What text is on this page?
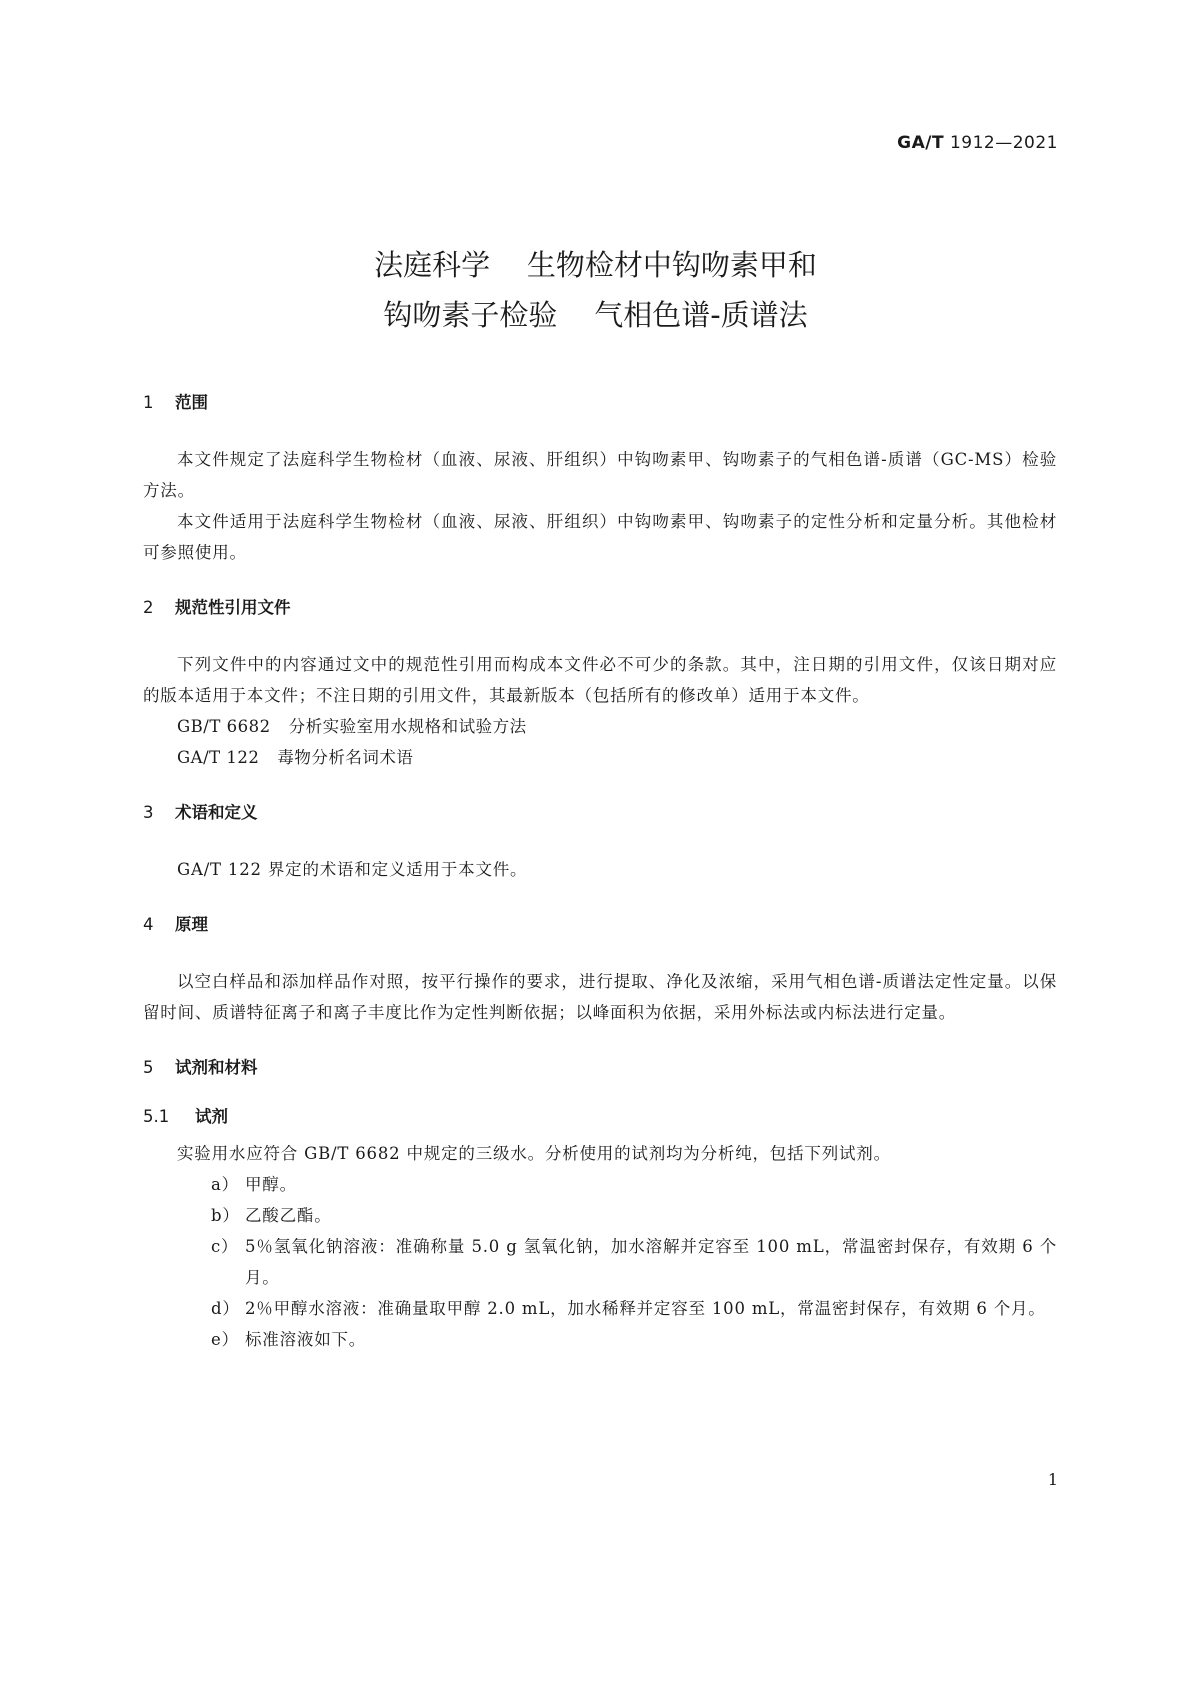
GA/T 1912—2021
法庭科学    生物检材中钩吻素甲和
钩吻素子检验    气相色谱-质谱法
1 范围

本文件规定了法庭科学生物检材（血液、尿液、肝组织）中钩吻素甲、钩吻素子的气相色谱-质谱（GC-MS）检验方法。

本文件适用于法庭科学生物检材（血液、尿液、肝组织）中钩吻素甲、钩吻素子的定性分析和定量分析。其他检材可参照使用。

2 规范性引用文件

下列文件中的内容通过文中的规范性引用而构成本文件必不可少的条款。其中，注日期的引用文件，仅该日期对应的版本适用于本文件；不注日期的引用文件，其最新版本（包括所有的修改单）适用于本文件。

GB/T 6682 分析实验室用水规格和试验方法
GA/T 122 毒物分析名词术语
3 术语和定义

GA/T 122 界定的术语和定义适用于本文件。

4 原理

以空白样品和添加样品作对照，按平行操作的要求，进行提取、净化及浓缩，采用气相色谱-质谱法定性定量。以保留时间、质谱特征离子和离子丰度比作为定性判断依据；以峰面积为依据，采用外标法或内标法进行定量。

5 试剂和材料
5.1 试剂

实验用水应符合 GB/T 6682 中规定的三级水。分析使用的试剂均为分析纯，包括下列试剂。

a） 甲醇。
b） 乙酸乙酯。
c） 5％氢氧化钠溶液：准确称量 5.0 g 氢氧化钠，加水溶解并定容至 100 mL，常温密封保存，有效期 6 个月。
d） 2％甲醇水溶液：准确量取甲醇 2.0 mL，加水稀释并定容至 100 mL，常温密封保存，有效期 6 个月。
e） 标准溶液如下。
1
